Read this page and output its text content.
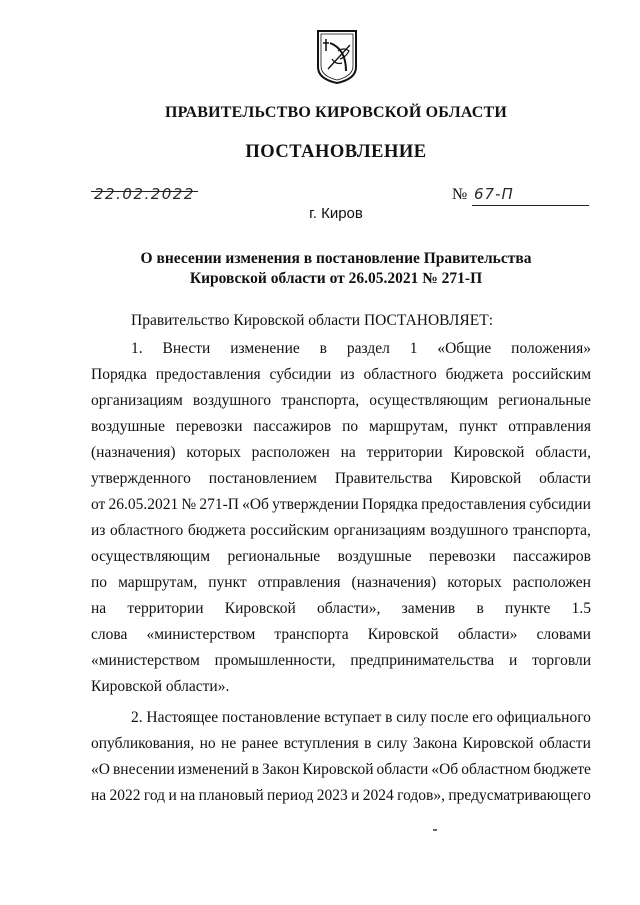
ПРАВИТЕЛЬСТВО КИРОВСКОЙ ОБЛАСТИ
ПОСТАНОВЛЕНИЕ
22.02.2022	№ 67-П
г. Киров
О внесении изменения в постановление Правительства
Кировской области от 26.05.2021 № 271-П
Правительство Кировской области ПОСТАНОВЛЯЕТ:
1. Внести изменение в раздел 1 «Общие положения»
Порядка предоставления субсидии из областного бюджета российским
организациям воздушного транспорта, осуществляющим региональные
воздушные перевозки пассажиров по маршрутам, пункт отправления
(назначения) которых расположен на территории Кировской области,
утвержденного постановлением Правительства Кировской области
от 26.05.2021 № 271-П «Об утверждении Порядка предоставления субсидии
из областного бюджета российским организациям воздушного транспорта,
осуществляющим региональные воздушные перевозки пассажиров
по маршрутам, пункт отправления (назначения) которых расположен
на территории Кировской области», заменив в пункте 1.5
слова «министерством транспорта Кировской области» словами
«министерством промышленности, предпринимательства и торговли
Кировской области».
2. Настоящее постановление вступает в силу после его официального
опубликования, но не ранее вступления в силу Закона Кировской области
«О внесении изменений в Закон Кировской области «Об областном бюджете
на 2022 год и на плановый период 2023 и 2024 годов», предусматривающего
